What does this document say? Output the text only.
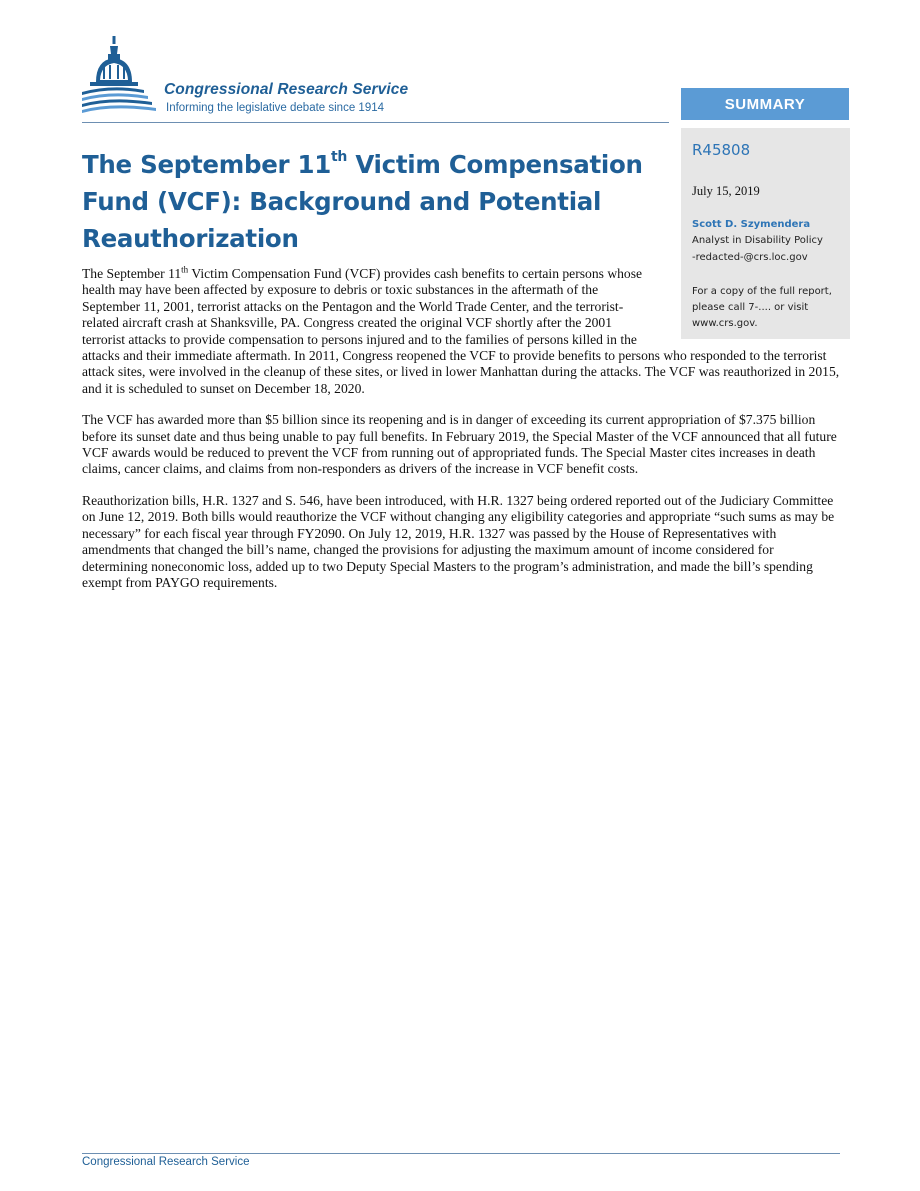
Congressional Research Service
Informing the legislative debate since 1914	SUMMARY
R45808
July 15, 2019
Scott D. Szymendera
Analyst in Disability Policy
-redacted-@crs.loc.gov
For a copy of the full report,
please call 7-.... or visit
www.crs.gov.
The September 11th Victim Compensation Fund (VCF): Background and Potential Reauthorization

The September 11th Victim Compensation Fund (VCF) provides cash benefits to certain persons whose health may have been affected by exposure to debris or toxic substances in the aftermath of the September 11, 2001, terrorist attacks on the Pentagon and the World Trade Center, and the terrorist-related aircraft crash at Shanksville, PA. Congress created the original VCF shortly after the 2001 terrorist attacks to provide compensation to persons injured and to the families of persons killed in the attacks and their immediate aftermath. In 2011, Congress reopened the VCF to provide benefits to persons who responded to the terrorist attack sites, were involved in the cleanup of these sites, or lived in lower Manhattan during the attacks. The VCF was reauthorized in 2015, and it is scheduled to sunset on December 18, 2020.

The VCF has awarded more than $5 billion since its reopening and is in danger of exceeding its current appropriation of $7.375 billion before its sunset date and thus being unable to pay full benefits. In February 2019, the Special Master of the VCF announced that all future VCF awards would be reduced to prevent the VCF from running out of appropriated funds. The Special Master cites increases in death claims, cancer claims, and claims from non-responders as drivers of the increase in VCF benefit costs.

Reauthorization bills, H.R. 1327 and S. 546, have been introduced, with H.R. 1327 being ordered reported out of the Judiciary Committee on June 12, 2019. Both bills would reauthorize the VCF without changing any eligibility categories and appropriate “such sums as may be necessary” for each fiscal year through FY2090. On July 12, 2019, H.R. 1327 was passed by the House of Representatives with amendments that changed the bill’s name, changed the provisions for adjusting the maximum amount of income considered for determining noneconomic loss, added up to two Deputy Special Masters to the program’s administration, and made the bill’s spending exempt from PAYGO requirements.

Congressional Research Service
